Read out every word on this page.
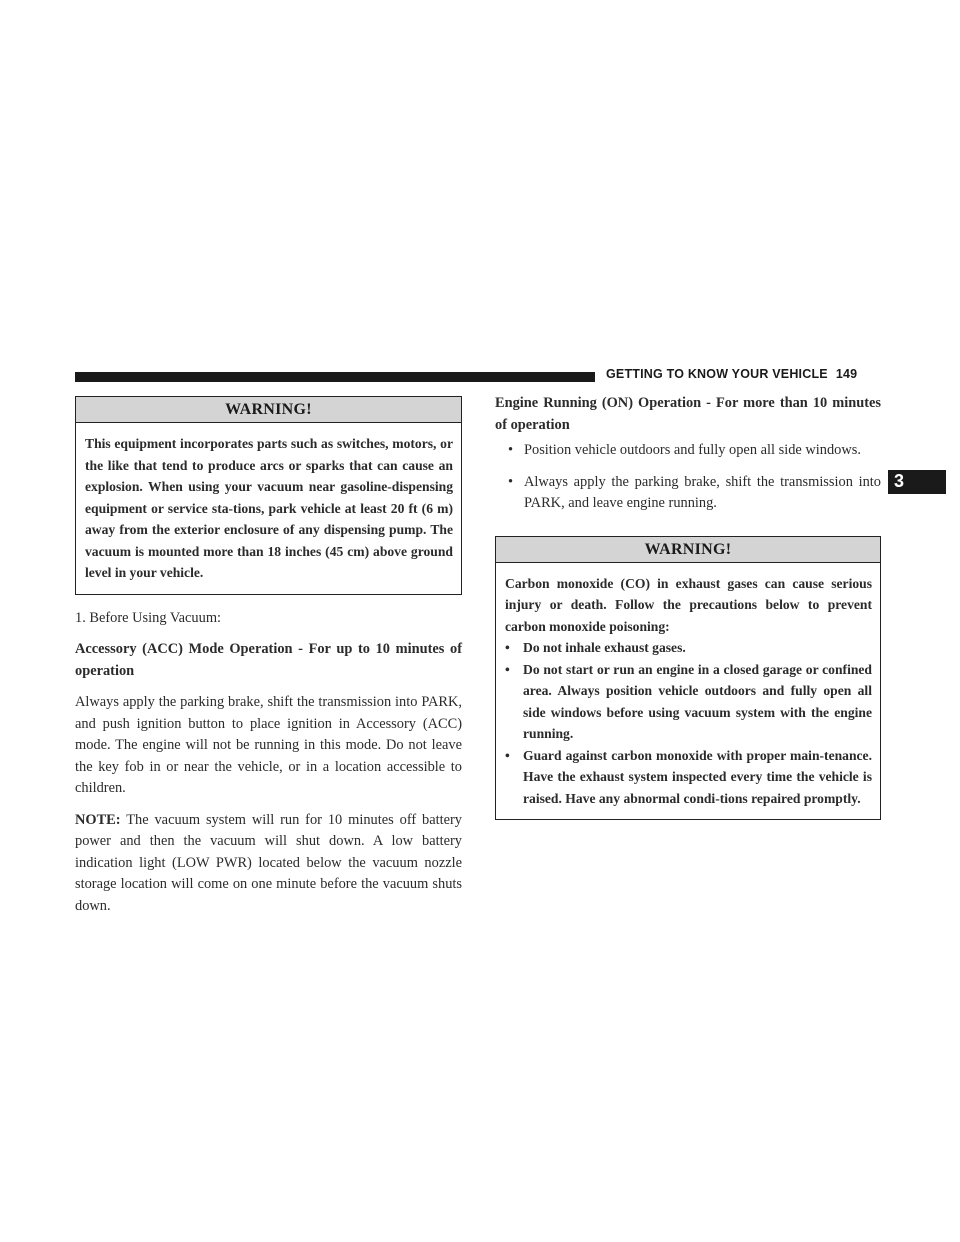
GETTING TO KNOW YOUR VEHICLE 149
3
WARNING!
This equipment incorporates parts such as switches, motors, or the like that tend to produce arcs or sparks that can cause an explosion. When using your vacuum near gasoline-dispensing equipment or service sta-tions, park vehicle at least 20 ft (6 m) away from the exterior enclosure of any dispensing pump. The vacuum is mounted more than 18 inches (45 cm) above ground level in your vehicle.

1. Before Using Vacuum:

Accessory (ACC) Mode Operation - For up to 10 minutes of operation

Always apply the parking brake, shift the transmission into PARK, and push ignition button to place ignition in Accessory (ACC) mode. The engine will not be running in this mode. Do not leave the key fob in or near the vehicle, or in a location accessible to children.

NOTE: The vacuum system will run for 10 minutes off battery power and then the vacuum will shut down. A low battery indication light (LOW PWR) located below the vacuum nozzle storage location will come on one minute before the vacuum shuts down.

Engine Running (ON) Operation - For more than 10 minutes of operation

• Position vehicle outdoors and fully open all side windows.
• Always apply the parking brake, shift the transmission into PARK, and leave engine running.
WARNING!

Carbon monoxide (CO) in exhaust gases can cause serious injury or death. Follow the precautions below to prevent carbon monoxide poisoning:

• Do not inhale exhaust gases.
• Do not start or run an engine in a closed garage or confined area. Always position vehicle outdoors and fully open all side windows before using vacuum system with the engine running.
• Guard against carbon monoxide with proper main-tenance. Have the exhaust system inspected every time the vehicle is raised. Have any abnormal condi-tions repaired promptly.
